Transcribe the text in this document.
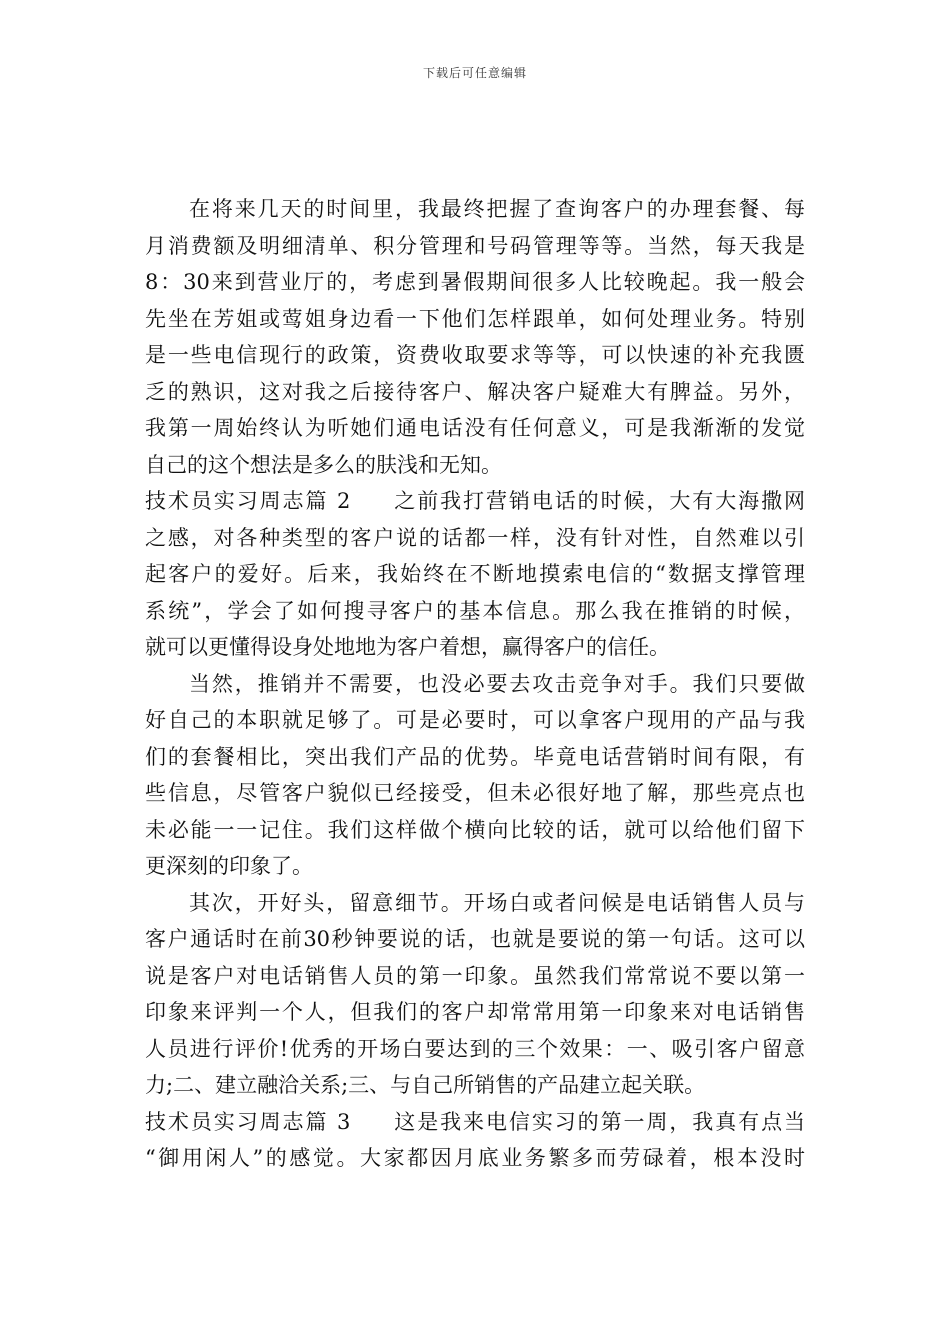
下载后可任意编辑
在将来几天的时间里，我最终把握了查询客户的办理套餐、每
月消费额及明细清单、积分管理和号码管理等等。当然，每天我是
8：30来到营业厅的，考虑到暑假期间很多人比较晚起。我一般会
先坐在芳姐或莺姐身边看一下他们怎样跟单，如何处理业务。特别
是一些电信现行的政策，资费收取要求等等，可以快速的补充我匮
乏的熟识，这对我之后接待客户、解决客户疑难大有脾益。另外，
我第一周始终认为听她们通电话没有任何意义，可是我渐渐的发觉
自己的这个想法是多么的肤浅和无知。
技术员实习周志篇 2 之前我打营销电话的时候，大有大海撒网
之感，对各种类型的客户说的话都一样，没有针对性，自然难以引
起客户的爱好。后来，我始终在不断地摸索电信的“数据支撑管理
系统”，学会了如何搜寻客户的基本信息。那么我在推销的时候，
就可以更懂得设身处地地为客户着想，赢得客户的信任。
当然，推销并不需要，也没必要去攻击竞争对手。我们只要做
好自己的本职就足够了。可是必要时，可以拿客户现用的产品与我
们的套餐相比，突出我们产品的优势。毕竟电话营销时间有限，有
些信息，尽管客户貌似已经接受，但未必很好地了解，那些亮点也
未必能一一记住。我们这样做个横向比较的话，就可以给他们留下
更深刻的印象了。
其次，开好头，留意细节。开场白或者问候是电话销售人员与
客户通话时在前30秒钟要说的话，也就是要说的第一句话。这可以
说是客户对电话销售人员的第一印象。虽然我们常常说不要以第一
印象来评判一个人，但我们的客户却常常用第一印象来对电话销售
人员进行评价!优秀的开场白要达到的三个效果：一、吸引客户留意
力;二、建立融洽关系;三、与自己所销售的产品建立起关联。
技术员实习周志篇 3 这是我来电信实习的第一周，我真有点当
“御用闲人”的感觉。大家都因月底业务繁多而劳碌着，根本没时
